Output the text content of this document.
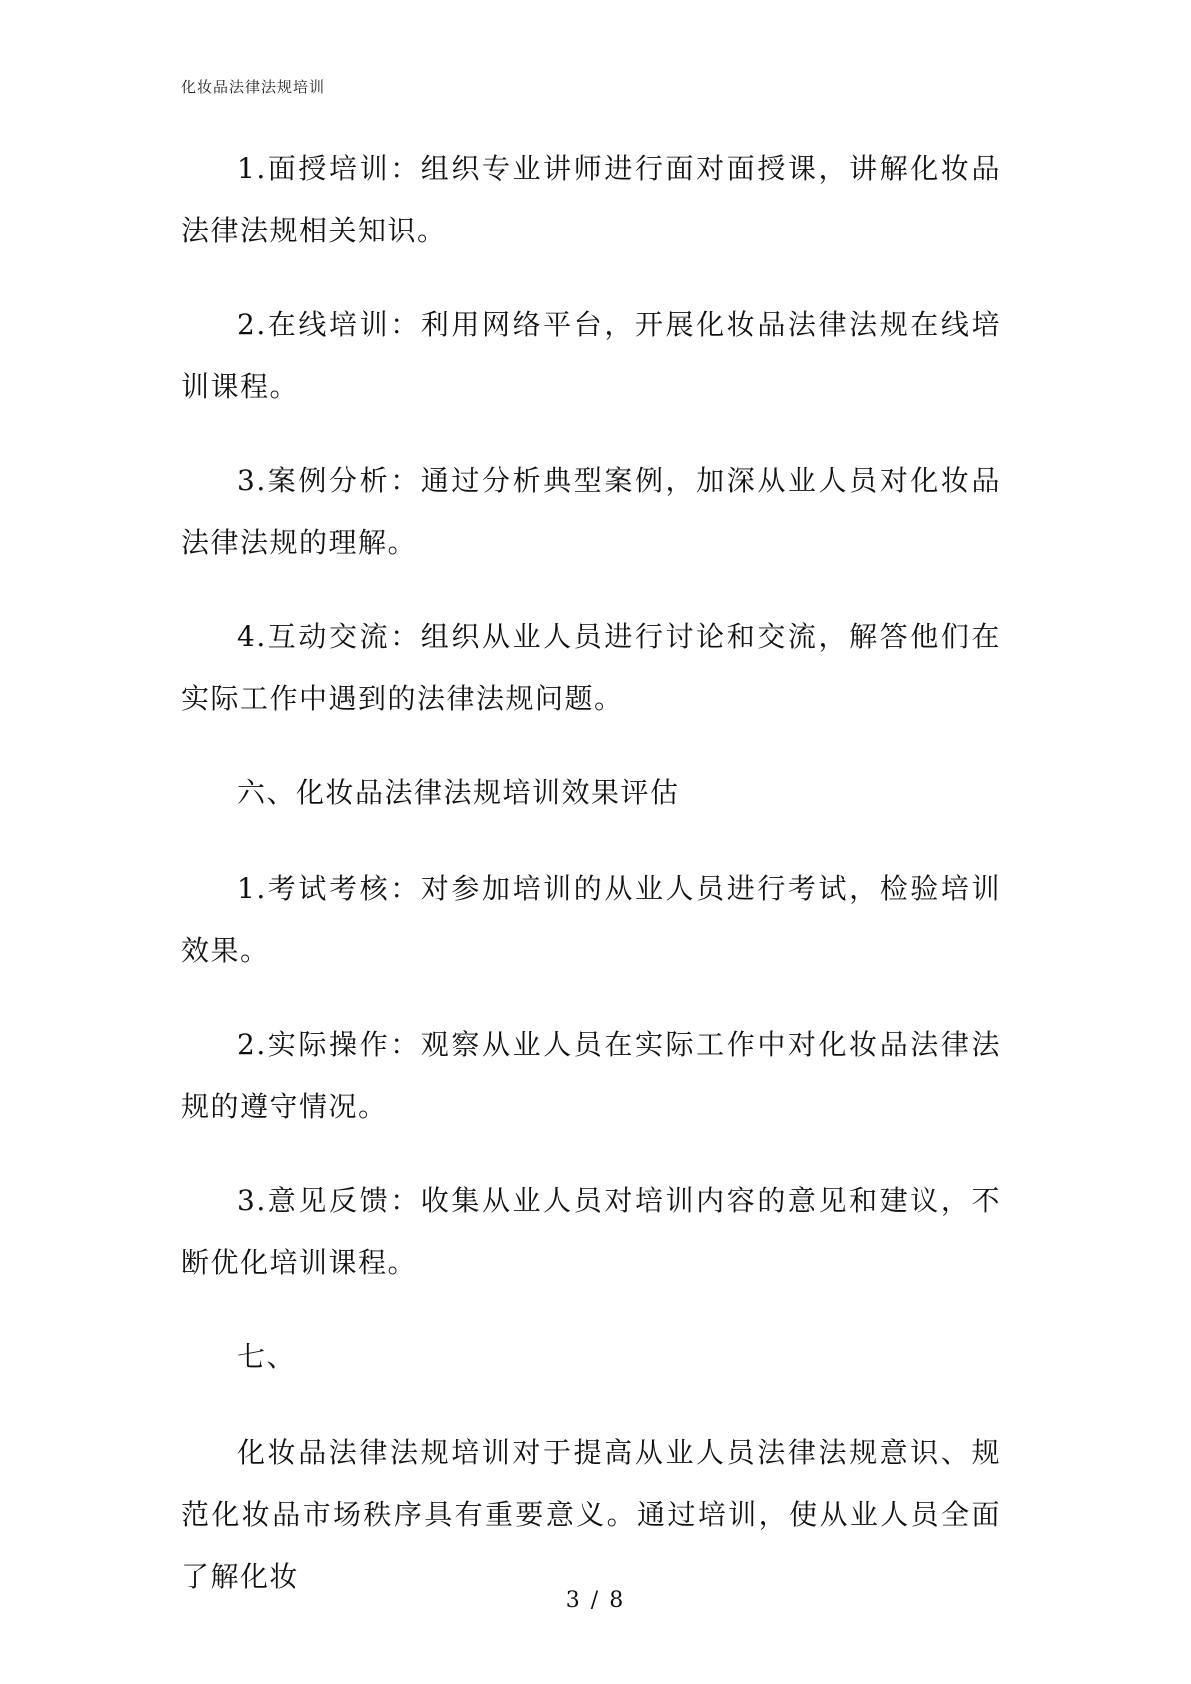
化妆品法律法规培训

1.面授培训：组织专业讲师进行面对面授课，讲解化妆品法律法规相关知识。

2.在线培训：利用网络平台，开展化妆品法律法规在线培训课程。

3.案例分析：通过分析典型案例，加深从业人员对化妆品法律法规的理解。

4.互动交流：组织从业人员进行讨论和交流，解答他们在实际工作中遇到的法律法规问题。

六、化妆品法律法规培训效果评估

1.考试考核：对参加培训的从业人员进行考试，检验培训效果。

2.实际操作：观察从业人员在实际工作中对化妆品法律法规的遵守情况。

3.意见反馈：收集从业人员对培训内容的意见和建议，不断优化培训课程。

七、

化妆品法律法规培训对于提高从业人员法律法规意识、规范化妆品市场秩序具有重要意义。通过培训，使从业人员全面了解化妆

3 / 8
